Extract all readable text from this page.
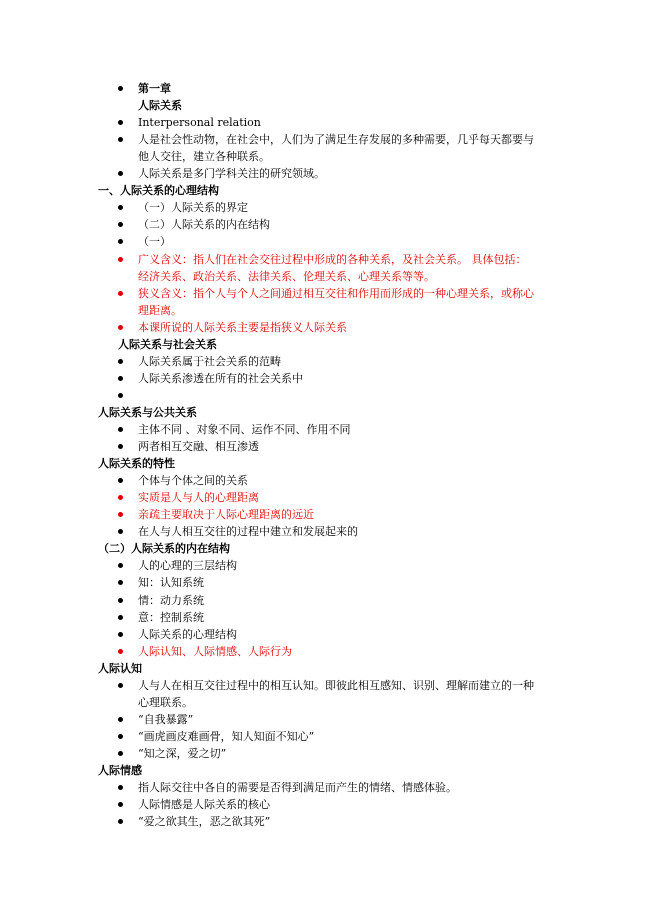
第一章
人际关系
Interpersonal relation
人是社会性动物，在社会中，人们为了满足生存发展的多种需要，几乎每天都要与
他人交往，建立各种联系。
人际关系是多门学科关注的研究领域。
一、人际关系的心理结构
（一）人际关系的界定
（二）人际关系的内在结构
（一）
广义含义：指人们在社会交往过程中形成的各种关系，及社会关系。 具体包括：
经济关系、政治关系、法律关系、伦理关系、心理关系等等。
狭义含义：指个人与个人之间通过相互交往和作用而形成的一种心理关系，或称心
理距离。
本课所说的人际关系主要是指狭义人际关系
人际关系与社会关系
人际关系属于社会关系的范畴
人际关系渗透在所有的社会关系中
人际关系与公共关系
主体不同 、对象不同、运作不同、作用不同
两者相互交融、相互渗透
人际关系的特性
个体与个体之间的关系
实质是人与人的心理距离
亲疏主要取决于人际心理距离的远近
在人与人相互交往的过程中建立和发展起来的
（二）人际关系的内在结构
人的心理的三层结构
知：认知系统
情：动力系统
意：控制系统
人际关系的心理结构
人际认知、人际情感、人际行为
人际认知
人与人在相互交往过程中的相互认知。即彼此相互感知、识别、理解而建立的一种
心理联系。
“自我暴露”
“画虎画皮难画骨，知人知面不知心”
“知之深，爱之切”
人际情感
指人际交往中各自的需要是否得到满足而产生的情绪、情感体验。
人际情感是人际关系的核心
“爱之欲其生，恶之欲其死”
